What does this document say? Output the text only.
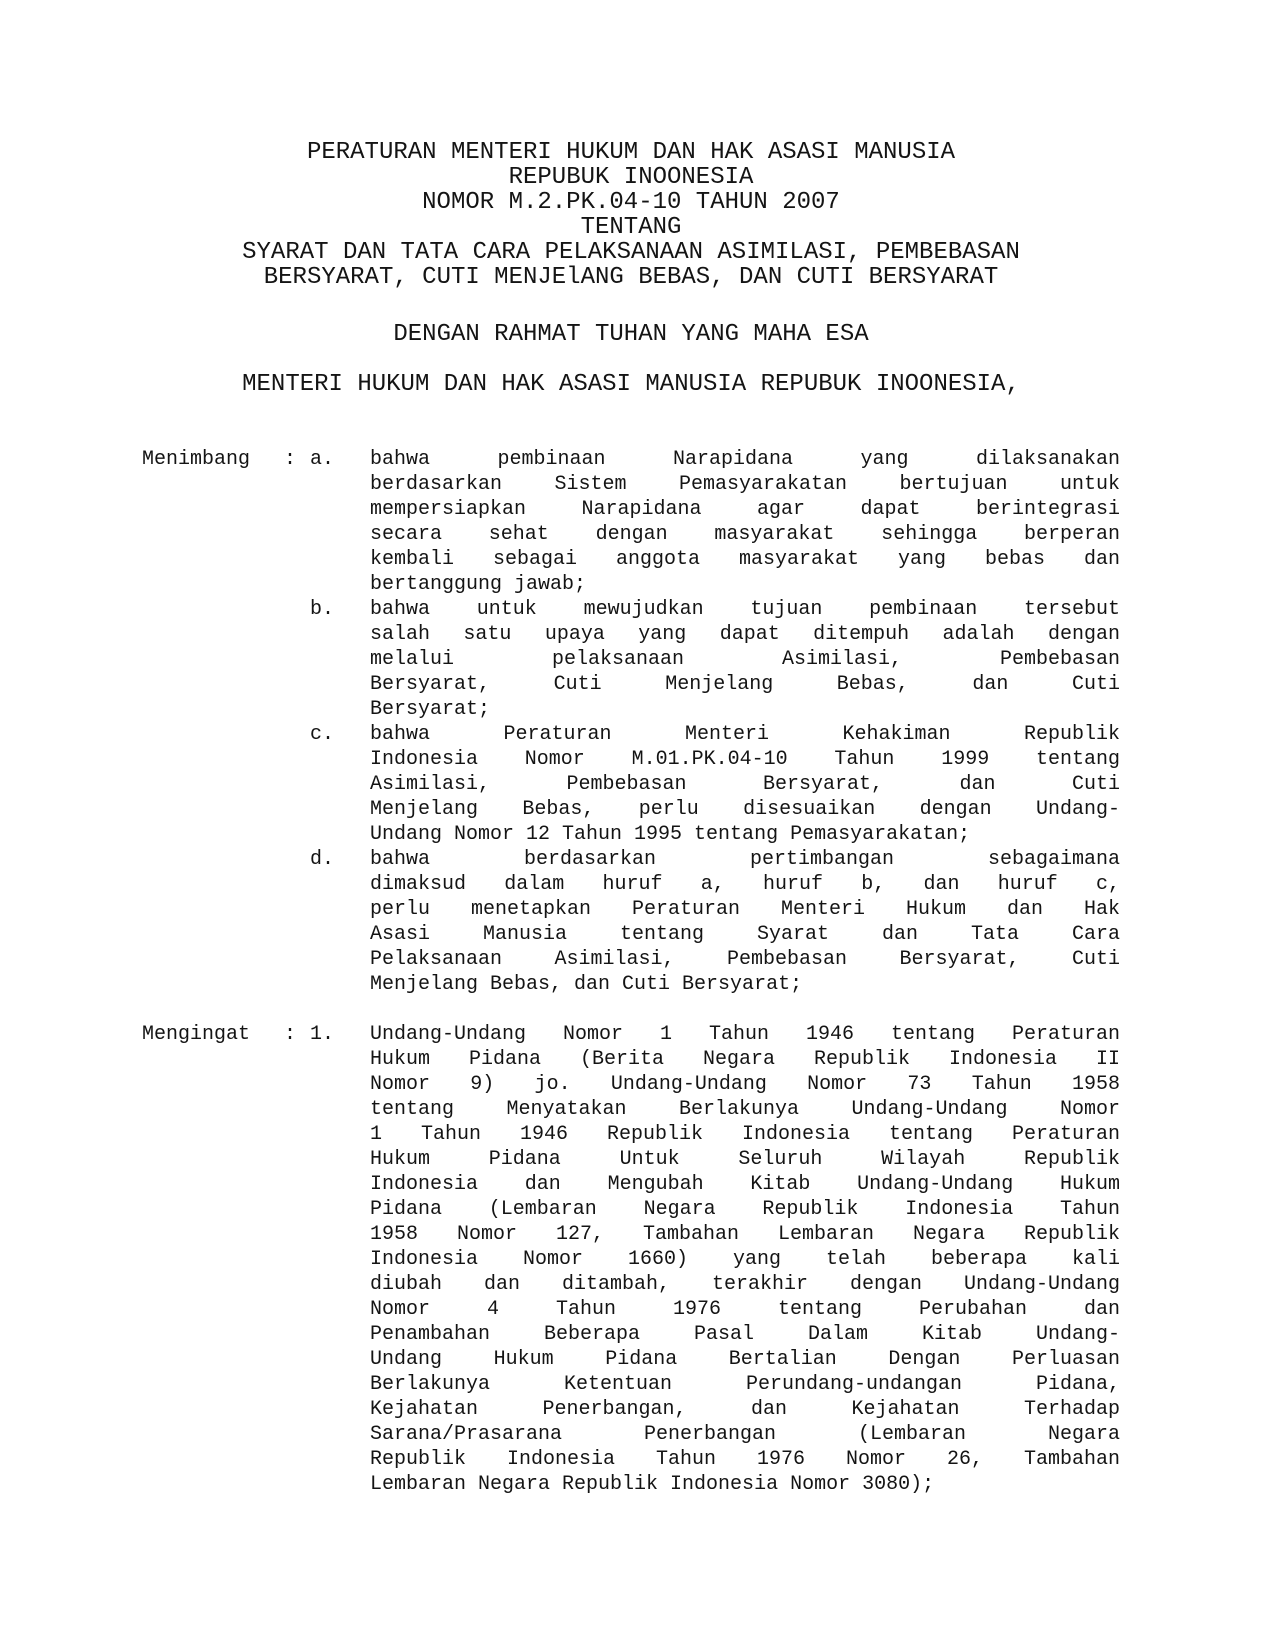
PERATURAN MENTERI HUKUM DAN HAK ASASI MANUSIA
REPUBUK INOONESIA
NOMOR M.2.PK.04-10 TAHUN 2007
TENTANG
SYARAT DAN TATA CARA PELAKSANAAN ASIMILASI, PEMBEBASAN
BERSYARAT, CUTI MENJElANG BEBAS, DAN CUTI BERSYARAT
DENGAN RAHMAT TUHAN YANG MAHA ESA
MENTERI HUKUM DAN HAK ASASI MANUSIA REPUBUK INOONESIA,
Menimbang : a.	bahwa pembinaan Narapidana yang dilaksanakan
berdasarkan Sistem Pemasyarakatan bertujuan untuk
mempersiapkan Narapidana agar dapat berintegrasi
secara sehat dengan masyarakat sehingga berperan
kembali sebagai anggota masyarakat yang bebas dan
bertanggung jawab;
b.	bahwa untuk mewujudkan tujuan pembinaan tersebut
salah satu upaya yang dapat ditempuh adalah dengan
melalui pelaksanaan Asimilasi, Pembebasan
Bersyarat, Cuti Menjelang Bebas, dan Cuti
Bersyarat;
c.	bahwa Peraturan Menteri Kehakiman Republik
Indonesia Nomor M.01.PK.04-10 Tahun 1999 tentang
Asimilasi, Pembebasan Bersyarat, dan Cuti
Menjelang Bebas, perlu disesuaikan dengan Undang-
Undang Nomor 12 Tahun 1995 tentang Pemasyarakatan;
d.	bahwa berdasarkan pertimbangan sebagaimana
dimaksud dalam huruf a, huruf b, dan huruf c,
perlu menetapkan Peraturan Menteri Hukum dan Hak
Asasi Manusia tentang Syarat dan Tata Cara
Pelaksanaan Asimilasi, Pembebasan Bersyarat, Cuti
Menjelang Bebas, dan Cuti Bersyarat;
Mengingat : 1.	Undang-Undang Nomor 1 Tahun 1946 tentang Peraturan
Hukum Pidana (Berita Negara Republik Indonesia II
Nomor 9) jo. Undang-Undang Nomor 73 Tahun 1958
tentang Menyatakan Berlakunya Undang-Undang Nomor
1 Tahun 1946 Republik Indonesia tentang Peraturan
Hukum Pidana Untuk Seluruh Wilayah Republik
Indonesia dan Mengubah Kitab Undang-Undang Hukum
Pidana (Lembaran Negara Republik Indonesia Tahun
1958 Nomor 127, Tambahan Lembaran Negara Republik
Indonesia Nomor 1660) yang telah beberapa kali
diubah dan ditambah, terakhir dengan Undang-Undang
Nomor 4 Tahun 1976 tentang Perubahan dan
Penambahan Beberapa Pasal Dalam Kitab Undang-
Undang Hukum Pidana Bertalian Dengan Perluasan
Berlakunya Ketentuan Perundang-undangan Pidana,
Kejahatan Penerbangan, dan Kejahatan Terhadap
Sarana/Prasarana Penerbangan (Lembaran Negara
Republik Indonesia Tahun 1976 Nomor 26, Tambahan
Lembaran Negara Republik Indonesia Nomor 3080);
